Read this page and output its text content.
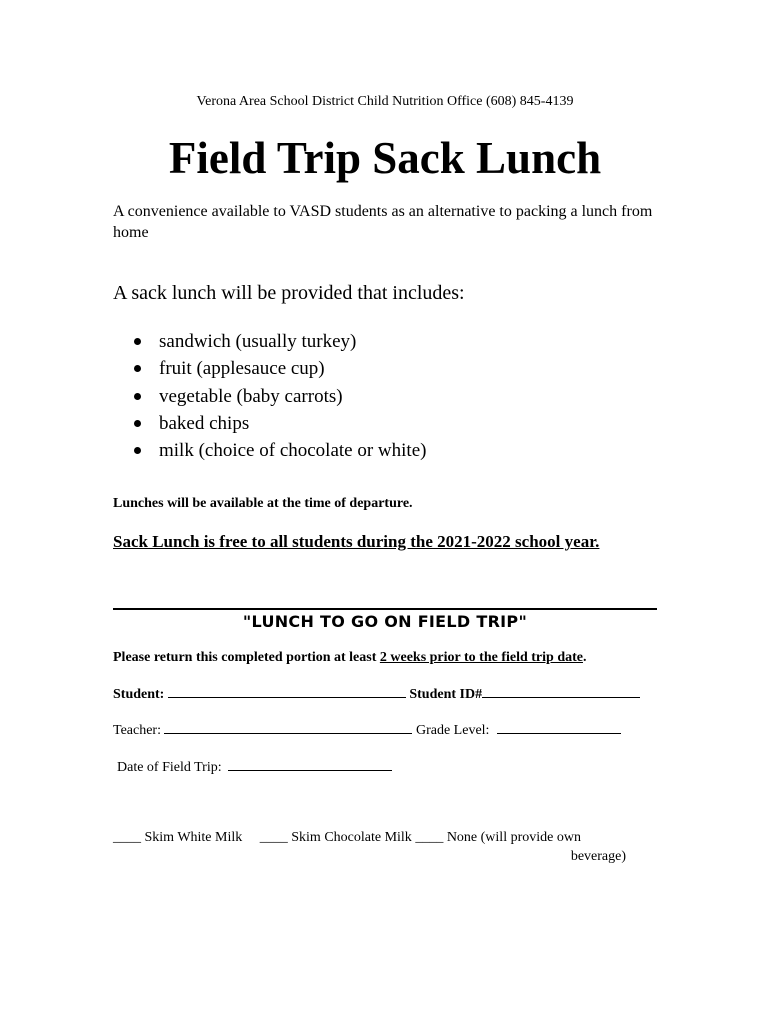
Verona Area School District Child Nutrition Office (608) 845-4139
Field Trip Sack Lunch
A convenience available to VASD students as an alternative to packing a lunch from home
A sack lunch will be provided that includes:
sandwich (usually turkey)
fruit (applesauce cup)
vegetable (baby carrots)
baked chips
milk (choice of chocolate or white)
Lunches will be available at the time of departure.
Sack Lunch is free to all students during the 2021-2022 school year.
"LUNCH TO GO ON FIELD TRIP"
Please return this completed portion at least 2 weeks prior to the field trip date.
Student:	Student ID#
Teacher:	Grade Level:
Date of Field Trip:
____ Skim White Milk ____ Skim Chocolate Milk ____ None (will provide own
beverage)
